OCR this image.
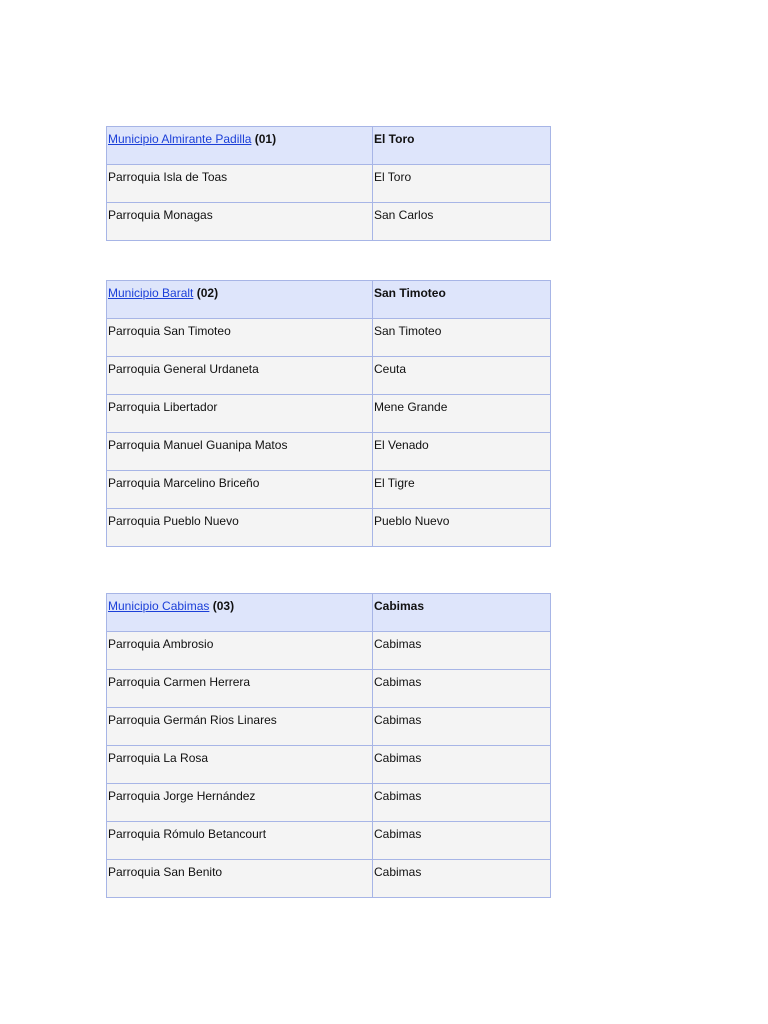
Municipio Almirante Padilla (01)	El Toro
Parroquia Isla de Toas	El Toro
Parroquia Monagas	San Carlos
Municipio Baralt (02)	San Timoteo
Parroquia San Timoteo	San Timoteo
Parroquia General Urdaneta	Ceuta
Parroquia Libertador	Mene Grande
Parroquia Manuel Guanipa Matos	El Venado
Parroquia Marcelino Briceño	El Tigre
Parroquia Pueblo Nuevo	Pueblo Nuevo
Municipio Cabimas (03)	Cabimas
Parroquia Ambrosio	Cabimas
Parroquia Carmen Herrera	Cabimas
Parroquia Germán Rios Linares	Cabimas
Parroquia La Rosa	Cabimas
Parroquia Jorge Hernández	Cabimas
Parroquia Rómulo Betancourt	Cabimas
Parroquia San Benito	Cabimas
